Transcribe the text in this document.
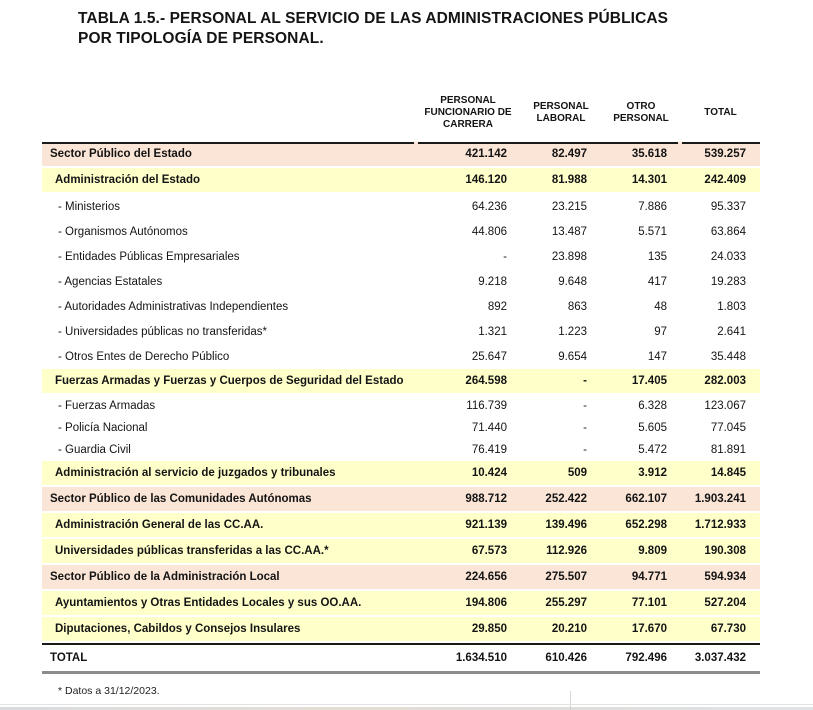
TABLA 1.5.- PERSONAL AL SERVICIO DE LAS ADMINISTRACIONES PÚBLICAS
POR TIPOLOGÍA DE PERSONAL.
	PERSONAL FUNCIONARIO DE CARRERA	PERSONAL LABORAL	OTRO PERSONAL	TOTAL
Sector Público del Estado	421.142	82.497	35.618	539.257
Administración del Estado	146.120	81.988	14.301	242.409
- Ministerios	64.236	23.215	7.886	95.337
- Organismos Autónomos	44.806	13.487	5.571	63.864
- Entidades Públicas Empresariales	-	23.898	135	24.033
- Agencias Estatales	9.218	9.648	417	19.283
- Autoridades Administrativas Independientes	892	863	48	1.803
- Universidades públicas no transferidas*	1.321	1.223	97	2.641
- Otros Entes de Derecho Público	25.647	9.654	147	35.448
Fuerzas Armadas y Fuerzas y Cuerpos de Seguridad del Estado	264.598	-	17.405	282.003
- Fuerzas Armadas	116.739	-	6.328	123.067
- Policía Nacional	71.440	-	5.605	77.045
- Guardia Civil	76.419	-	5.472	81.891
Administración al servicio de juzgados y tribunales	10.424	509	3.912	14.845
Sector Público de las Comunidades Autónomas	988.712	252.422	662.107	1.903.241
Administración General de las CC.AA.	921.139	139.496	652.298	1.712.933
Universidades públicas transferidas a las CC.AA.*	67.573	112.926	9.809	190.308
Sector Público de la Administración Local	224.656	275.507	94.771	594.934
Ayuntamientos y Otras Entidades Locales y sus OO.AA.	194.806	255.297	77.101	527.204
Diputaciones, Cabildos y Consejos Insulares	29.850	20.210	17.670	67.730
TOTAL	1.634.510	610.426	792.496	3.037.432
* Datos a 31/12/2023.
